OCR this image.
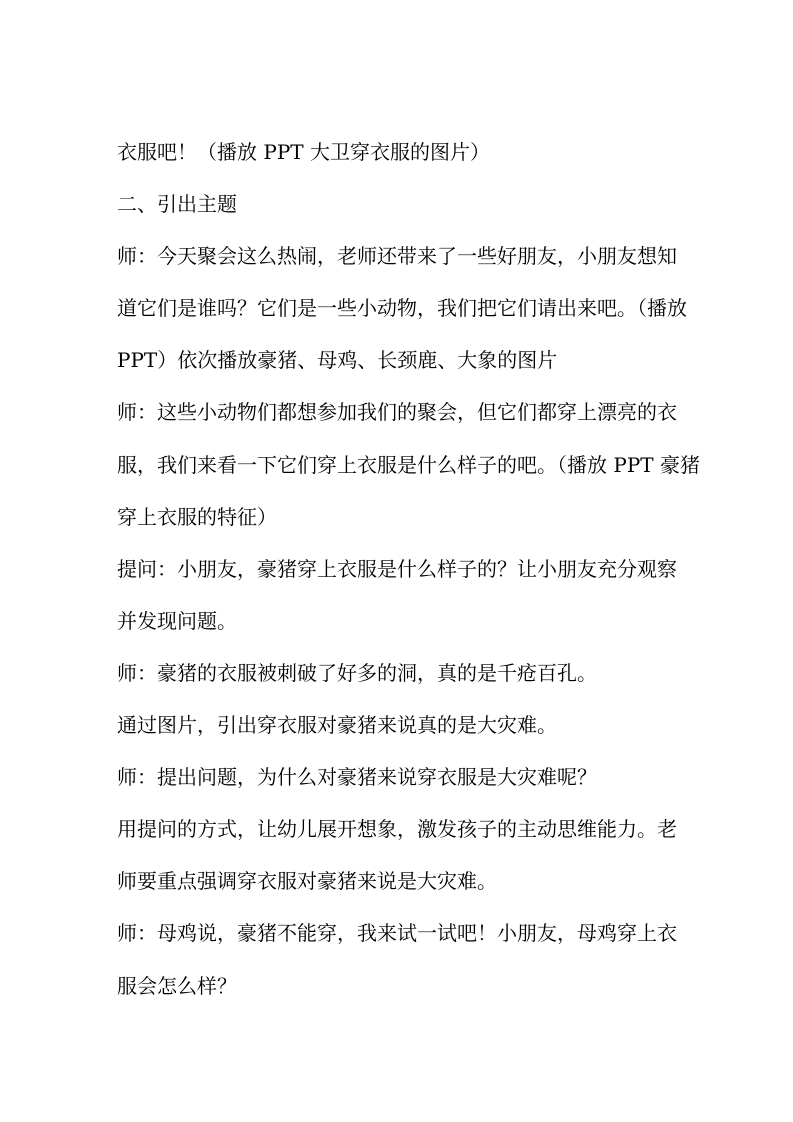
衣服吧！（播放 PPT 大卫穿衣服的图片）
二、引出主题
师：今天聚会这么热闹，老师还带来了一些好朋友，小朋友想知
道它们是谁吗？它们是一些小动物，我们把它们请出来吧。（播放
PPT）依次播放豪猪、母鸡、长颈鹿、大象的图片
师：这些小动物们都想参加我们的聚会，但它们都穿上漂亮的衣
服，我们来看一下它们穿上衣服是什么样子的吧。（播放 PPT 豪猪
穿上衣服的特征）
提问：小朋友，豪猪穿上衣服是什么样子的？让小朋友充分观察
并发现问题。
师：豪猪的衣服被刺破了好多的洞，真的是千疮百孔。
通过图片，引出穿衣服对豪猪来说真的是大灾难。
师：提出问题，为什么对豪猪来说穿衣服是大灾难呢？
用提问的方式，让幼儿展开想象，激发孩子的主动思维能力。老
师要重点强调穿衣服对豪猪来说是大灾难。
师：母鸡说，豪猪不能穿，我来试一试吧！小朋友，母鸡穿上衣
服会怎么样？
